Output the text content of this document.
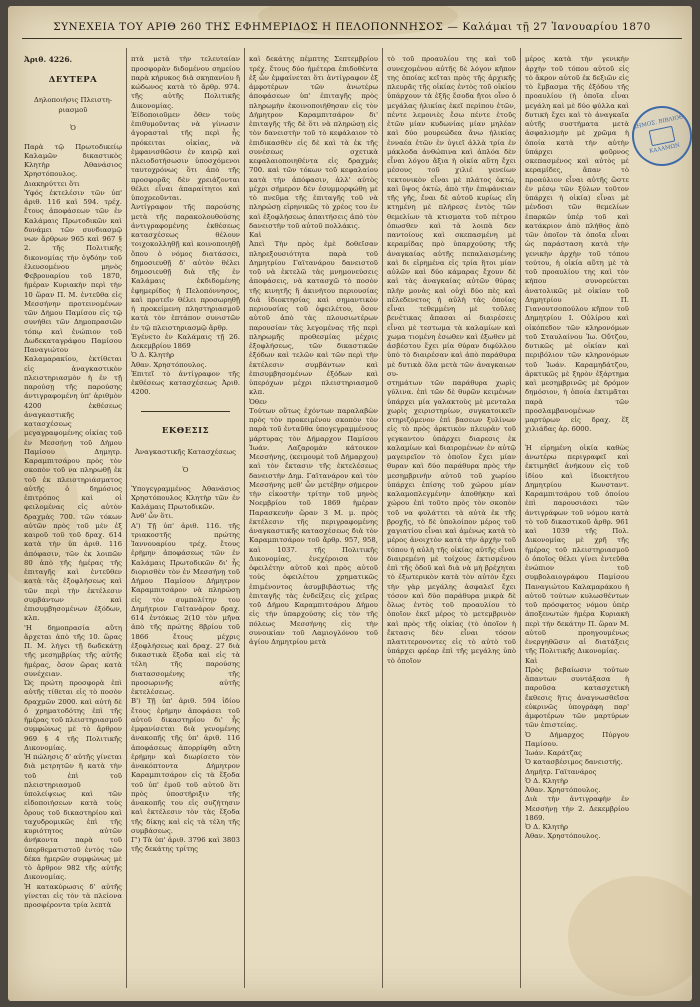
ΣΥΝΕΧΕΙΑ ΤΟΥ ΑΡΙΘ 260 ΤΗΣ ΕΦΗΜΕΡΙΔΟΣ Η ΠΕΛΟΠΟΝΝΗΣΟΣ — Καλάμαι τῇ 27 Ἰανουαρίου 1870

Ἀριθ. 4226.

ΔΕΥΤΕΡΑ

Δηλοποιήσις Πλειστη-
ριασμοῦ

Ὁ

Παρὰ τῷ Πρωτοδικείῳ Καλαμῶν δικαστικὸς Κλητὴρ Ἀθανάσιος Χρηστόπουλος.
Διακηρύττει ὅτι
Ὑφός ἐκτελέσιν τῶν ὑπ' ἀριθ. 116 καὶ 594. τρέχ. ἔτους ἀποφάσεων τῶν ἐν Καλάμαις Πρωτοδικῶν καὶ δυνάμει τῶν συνδιασμῷ νων ἄρθρων 965 καὶ 967 § 2. τῆς Πολιτικῆς δικονομίας τὴν ὀγδόην τοῦ ἐλευσομένου μηνὸς Φεβρουαρίου τοῦ 1870, ἡμέραν Κυριακὴν περὶ τὴν 10 ὥραν Π. Μ. ἐντεῦθα εἰς Μεσσήνην προτεινομένων τῶν Δήμου Παμίσου εἰς τῷ συνήθει τῶν Δημοπρασιῶν τόπῳ καὶ ἐνώπιον τοῦ Δωδεκαταγράφου Παμίσου Παναγιώτου Καλαμαρακίου, ἐκτίθεται εἰς ἀναγκαστικὸν πλειστηριασμὸν ἡ ἐν τῇ παρούσῃ τῆς παρούσης ἀντιγραφομένη ὑπ' ἀριθμὸν 4200 ἐκθέσεως ἀναγκαστικῆς κατασχέσεως μεγαγραφομένης οἰκίας τοῦ ἐν Μεσσήνῃ τοῦ Δήμου Παμίσου Δημητρ. Καραμπιτσάρου πρὸς τὸν σκοπὸν τοῦ να πληρωθῇ ἐκ τοῦ ἐκ πλειστηριάσματος αὐτῆς ὁ δημόσιος ἐπιτρόπος καὶ οἱ φειλομένας εἰς αὐτὸν δραχμὰς 700. τῶν τόκων αὐτῶν πρὸς τοῦ μὲν ἐξ καιροῦ τοῦ τοῦ δραχ. 614 κατὰ τὴν ὑπ ἀριθ. 116 ἀπόφασιν, τῶν ἐκ λοιπῶν 80 ἀπὸ τῆς ἡμέρας τῆς ἐπιταγῆς καὶ ἐντεῦθεν κατὰ τὰς ἐξοφλήσεως καὶ τῶν περὶ τὴν ἐκτέλεσιν συμβάντων καὶ ἐπισυμβησομένων ἐξόδων, κλπ.
'Η δημοπρασία αὕτη ἄρχεται ἀπὸ τῆς 10. ὥρας Π. Μ. λήγει τῇ δωδεκάτῃ τῆς μεσημβρίας τῆς αὐτῆς ἡμέρας, ὅσον ὥρας κατὰ συνέχειαν.
Ὡς πρώτη προσφορὰ ἐπὶ αὐτῆς τίθεται εἰς τὸ ποσὸν δραχμῶν 2000. καὶ αὐτὴ δὲ ὁ χρηματοδότης ἐπὶ τῆς ἡμέρας τοῦ πλειστηριασμοῦ συμφώνως μὲ τὸ ἄρθρον 969 § 4 τῆς Πολιτικῆς Δικονομίας.
Ἡ πώλησις δ' αὐτῆς γίνεται διὰ μετρητῶν ἢ κατὰ τὴν τοῦ ἐπὶ τοῦ πλειστηριασμοῦ ὑπολείψεως καὶ τῶν εἰδοποιήσεων κατὰ τοὺς ὅρους τοῦ δικαστηρίου καὶ ταχυδρομικῶς ἐπὶ τῆς κυριότητος αὐτῶν ἀνήκοντα παρὰ τοῦ ὑπερθεματιστοῦ ἐντὸς τῶν δέκα ἡμερῶν συμφώνως μὲ τὸ ἄρθρον 982 τῆς αὐτῆς Δικονομίας.
Ἡ κατακύρωσις δ' αὐτῆς γίνεται εἰς τὸν τὰ πλείονα προσφέροντα τρία λεπτὰ

πτὰ μετὰ τὴν τελευταίαν προσφορὰν διδομένου σημείου παρὰ κήρυκος διὰ σκηπανίου ἢ κώδωνος κατὰ τὸ ἄρθρ. 974. τῆς αὐτῆς Πολιτικῆς Δικονομίας.
Ἐίδοποιοῦμεν ὅθεν τοὺς ἐπιθυμοῦντας νὰ γίνωσιν ἀγορασταὶ τῆς περὶ ἧς πρόκειται οἰκίας, νὰ ἐμφανισθῶσιν ἐν καιρῷ καὶ πλειοδοτήσωσιν ὑποσχόμενοι ταυτοχρόνως ὅτι ἀπὸ τῆς προσφορᾶς δὲν χρειάζονται θέλει εἶναι ἀπαραίτητοι καὶ ὑποχρεοῦνται.
Ἀντίγραφον τῆς παρούσης μετὰ τῆς παρακολουθούσης ἀντιγραφομένης ἐκθέσεως κατασχέσεως θέλουν τοιχοκολληθῇ καὶ κοινοποιηθῇ ὅπου ὁ νόμος διατάσσει, δημοσιευθῇ δ' αὐτὸν θέλει δημοσιευθῇ διὰ τῆς ἐν Καλάμαις ἐκδιδομένης ἐφημερίδος ἡ Πελοπόννησος, καὶ προτεῖν θέλει προσωρηθῇ ἡ προκείμενη πληστηριασμοῦ κατὰ τὸν ἑπτάπον συνιστῶν ἐν τῷ πλειστηριασμῷ ἄρθρ.
Ἐγένετο ἐν Καλάμαις τῇ 26. Δεκεμβρίου 1869
Ὁ Δ. Κλητὴρ
Ἀθαν. Χρηστόπουλος.
Ἐπιτεῖ τὸ ἀντίγραφον τῆς ἐκθέσεως κατασχέσεως Ἀριθ. 4200.

ΕΚΘΕΣΙΣ

Ἀναγκαστικῆς Κατασχέσεως

Ὁ

Ὑπογεγραμμένος Ἀθανάσιος Χρηστόπουλος Κλητὴρ τῶν ἐν Καλάμαις Πρωτοδικῶν.
Ἀνθ' ὧν ὅτι.
Α') Τῇ ὑπ' ἀριθ. 116. τῆς τριακοστῆς πρώτης Ἰαννουαρίου τρέχ. ἔτους ἐρήμην ἀποφάσεως τῶν ἐν Καλάμαις Πρωτοδικῶν δι' ἧς διορισθὲν τὸν ἐν Μεσσήνῃ τοῦ Δήμου Παμίσου Δήμητρον Καραμπιτσάρον νὰ πληρώσῃ εἰς τὸν συμπολίτην του Δημήτριον Γαϊτανάρον δραχ. 614 ἐντόκως 2(10 τὸν μῆνα ἀπὸ τῆς πρώτης 8βρίου τοῦ 1866 ἔτους μέχρις ἐξοφλήσεως καὶ δραχ. 27 διὰ δικαστικὰ ἔξοδα καὶ εἰς τὰ τέλη τῆς παρούσης διατασσομένης τῆς προσωρινῆς αὐτῆς ἐκτελέσεως.
Β') Τῇ ὑπ' ἀριθ. 594 ἰδίου ἔτους ἐρήμην ἀποφάσει τοῦ αὐτοῦ δικαστηρίου δι' ἧς ἐμφανίσεται διὰ γενομένης ἀνακοπῆς τῆς ὑπ' ἀριθ. 116 ἀποφάσεως ἀπορρίφθη αὕτη ἐρήμην καὶ διωρίσετο τὸν ἀνακόπτοντα Δήμητρον Καραμπιτσάρον εἰς τὰ ἔξοδα τοῦ ὑπ' ἐμοῦ τοῦ αὐτοῦ ὅτι πρὸς ὑποστήριξιν τῆς ἀνακοπῆς του εἰς συζήτησιν καὶ ἐκτέλεσιν τὸν τὰς ἔξοδα τῆς δίκης καὶ εἰς τὰ τέλη τῆς συμβάσεως.
Γ') Τὰ ὑπ' ἀριθ. 3796 καὶ 3803 τῆς δεκάτης τρίτης

καὶ δεκάτης πέμπτης Σεπτεμβρίου τρέχ. ἔτους δύο ἡμέτερα ἐπιδοθέντα ἐξ ὧν ἐμφαίνεται ὅτι ἀντίγραφον ἐξ ἀμφοτέρων τῶν ἀνωτέρω ἀποφάσεων ὑπ' ἐπιταγῆς πρὸς πληρωμὴν ἐκοινοποιήθησαν εἰς τὸν Δήμητρον Καραμπιτσάρον δι' ἐπιταγῆς τῆς δὲ ὅτι νὰ πληρώσῃ εἰς τὸν δανειστὴν τοῦ τὸ κεφάλαιον τὸ ἐπιδικασθὲν εἰς δὲ καὶ τὰ ἐκ τῆς συνέσεως σχετικὰ κεφαλαιοποιηθέντα εἰς δραχμὰς 700. καὶ τῶν τόκων τοῦ κεφαλαίου κατὰ τὴν ἀπόφασιν, ἀλλ' αὐτὸς μέχρι σήμερον δὲν ἐσυμμορφώθη μὲ τὸ πνεῦμα τῆς ἐπιταγῆς τοῦ νὰ πληρώσῃ εἰρηνικῶς τὸ χρέος του ἐν καὶ ἐξοφλήσεως ἀπαιτήσεις ἀπὸ τὸν δανειστὴν τοῦ αὐτοῦ πολλάκις.
Καὶ
Ἀπεὶ Τὴν πρὸς ἐμὲ δοθεῖσαν πληρεξουσιότητα παρὰ τοῦ Δημητρίου Γαϊτανάρου δανειστοῦ τοῦ νὰ ἐκτελῶ τὰς μνημονεύσεις ἀποφάσεις, νὰ κατασχῶ τὸ ποσὸν τῆς κινητῆς ἢ ἀκινήτου περιουσίας διὰ ἰδιοκτησίας καὶ σημαντικὸν περιουσίας τοῦ ὀφειλέτου, ὅσον αὐτοῦ ἀπὸ τὰς πλουσιωτέρων παρουσίαν τὰς λεγομένας τῆς περὶ πληρωμῆς προθεσμίας μέχρις ἐξοφλήσεως, τῶν δικαστικῶν ἐξόδων καὶ τελῶν καὶ τῶν περὶ τὴν ἐκτέλεσιν συμβάντων καὶ ἐπισυμβησομένων ἐξόδων καὶ ὑπερόχων μέχρι πλειστηριασμοῦ κλπ.
Ὁθεν
Τούτων οὕτως ἐχόντων παραλαβὼν πρὸς τὸν προκειμένου σκοπὸν τὸν παρὰ τοῦ ἐνταῦθα ὑπογεγραμμένους μάρτυρας τὸν Δήμαρχον Παμίσου Ἰωάν. Λαζαρομάν κάτοικον Μεσσήνης, (κειμουμὲ τοῦ Δήμαρχου) καὶ τὸν ἔκτασιν τῆς ἐκτελέσεως δανειστὴν Δημ. Γαϊτανάρον καὶ τὸν Μεσσήνης μεθ' ὧν μετέβην σήμερον τὴν εἰκοστὴν τρίτην τοῦ μηνὸς Νοεμβρίου τοῦ 1869 ἡμέραν Παρασκευὴν ὥραν 3 Μ. μ. πρὸς ἐκτέλεσιν τῆς περιγραφομένης ἀναγκαστικῆς κατασχέσεως διὰ τὸν Καραμπιτσάρον τοῦ ἄρθρ. 957, 958, καὶ 1037. τῆς Πολιτικῆς Δικονομίας, ἐνεχέροισα τὸν ὀφειλέτην αὐτοῦ καὶ πρὸς αὐτοῦ τοὺς ὀφειλέτου χρηματικῶς ἐπιμένοντος ἀσυμβιβάστως τῆς ἐπιταγῆς τὰς ἐνδείξεις εἰς χεῖρας τοῦ Δήμου Καραμπιτσάρου Δήμου εἰς τὴν ὑπαρχούσης εἰς τὸν τῆς πόλεως Μεσσήνης εἰς τὴν συνοικίαν τοῦ Λαμιογλόνου τοῦ ἁγίου Δημητρίου μετὰ

τὸ τοῦ προαυλίου της καὶ τοῦ συνεχομένου αὐτῆς δὲ λόγον κῆπον της ὁποίας κεῖται πρὸς τῆς ἀρχικῆς πλευρᾶς τῆς οἰκίας ἐντὸς τοῦ οἰκίου ὑπάρχουν τὰ ἐξῆς ἔσοδα ἤτοι οἶνο ὁ μεγάλας ἡλικίας ἐκεῖ περίπου ἐτῶν, πέντε λεμονιὲς ἔσω πέντε ἐτοῦς ἐτῶν μίαν κυδωνίας μίαν μηλέαν καὶ δύο μουρεώδεα ἄνω ἡλικίας ἐνναέα ἐτῶν ἐν ὑγιεῖ ἀλλὰ τρία ἐν μάκλοδα ἀνθώπινα καὶ ἀπλόα δὲν εἶναι λόγου ἄξια ἡ οἰκία αὕτη ἔχει μέσους τοῦ χιλιέ γενείων τεκτονικὸν εἶναι μὲ πλάτος ὀκτὼ, καὶ ὕψος ὀκτὼ, ἀπὸ τὴν ἐπιφάνειαν τῆς γῆς, ἔναι δὲ αὐτοῦ κυρίως εἴη κτημένη μὲ πλήρεσς ἐντὸς τῶν θεμελίων τὰ κτισματα τοῦ πέτρου ὀπωσθεν καὶ τὰ λοιπὰ δεν παντοίους καὶ σκεπασμένη μὲ κεραμίδας πρὸ ὑπαρχούσης τῆς ἀναγκαίας αὐτῆς πεπαλαισμένης καὶ δι εἰρημένα εἰς τρία ἥτοι μίαν αὐλῶν καὶ δύο κάμαρας ἔχουν δὲ καὶ τὰς ἀναγκαίας αὐτῶν θύρας πλὴν μονὰς καὶ οὐχὶ δύο πὲς καὶ πέλεδενετος ἡ αὐλὴ τὰς ὁποίας εἶναι τεθεμμένη μὲ τοῦλες βενέτικας ἅπασαι αἱ διαιρέσεις εἶναι μὲ τεστωμα τὰ καλαμίων καὶ χωμα τιομένη ἐσωθεν καὶ ἐξωθεν μὲ ἀσβέστου ἔχει μία θύραν διφύλλου ὑπὸ τὸ διαιρέσαν καὶ ἀπὸ παράθυρα μὲ δυτικὰ ὅλα μετὰ τῶν ἀναγκαιων συ-
στημάτων τῶν παράθυρα χωρὶς γύλινα. ἐπὶ τῶν δὲ θυρῶν κειμένων ὑπάρχει μία γαλακτοὺς μὲ μενταλα χωρὶς χειριστηρίων, συγκατοικεῖν στηριζόμενον ἐπὶ βασεων ξυλίνων εἰς τὸ πρὸς ἀρκτικὸν πλευρὰν τοῦ γεγκαντου ὑπάρχει διαρεσις ἐκ καλαμίων καὶ διαιρομένων ἐν αὐτῷ μαγειρεῖον τὸ ὁποῖον ἔχει μίαν θυραν καὶ δύο παράθυρα πρὸς τὴν μεσημβρινὴν αὐτοῦ τοῦ χωρίου ὑπάρχει ἐπίσης τοῦ χώρου μίαν καλαμοπλεγμένην ἀποθήκην καὶ χώρου ἐπὶ τοῦτο πρὸς τὸν σκοπὸν τοῦ να φυλάττει τὰ αὐτὰ ἐκ τῆς βροχῆς, τὸ δὲ ὑπολοίπον μέρος τοῦ χαγιατίου εἶναι καὶ ἀμένως κατὰ τὸ μέρος ἀνοιχτὸν κατὰ τὴν ἀρχὴν τοῦ τόπου ἡ αὐλὴ τῆς οἰκίας αὐτῆς εἶναι διαιρεμένη μὲ τοίχους ἐκτισμένου ἐπὶ τῆς ὁδοῦ καὶ διὰ νὰ μὴ βρέχηται τὸ ἐξωτερικὸν κατὰ τὸν αὐτὸν ἔχει τὴν γὰρ μεγάλης ἀσφαλεῖ ἔχει τόσον καὶ δύο παράθυρα μικρὰ δὲ ὅλως ἐντὸς τοῦ προαυλίου τὸ ὁποῖον ἐκεῖ μέρος τὸ μετεμβρινὸν καὶ πρὸς τῆς οἰκίας (τὸ ὁποῖον ἡ ἔκτασις δὲν εἶναι τόσον πλατιτερονοντες εἰς τὸ αὐτὸ τοῦ ὑπάρχει φρέαρ ἐπὶ τῆς μεγάλης ὑπὸ τὸ ὁποῖον

μέρος κατὰ τὴν γενικὴν ἀρχὴν τοῦ τόπου αὐτοῦ εἰς τὸ ἄκρον αὐτοῦ ἐκ δεξιῶν εἰς τὸ ἔμβασμα τῆς ἐξόδου τῆς προαυλίου (ἡ ὁποῖα εἶναι μεγάλη καὶ μὲ δύο φύλλα καὶ δυτικὴ ἔχει καὶ τὸ ἀναγκαῖα αὐτῆς συστήματα μετὰ ἀσφαλισμὴν μὲ χρῶμα ἡ ὁποία κατὰ τὴν αὐτὴν ὑπάρχει φοῦρνος σκεπασμένος καὶ αὐτὸς μὲ κεραμίδες, ἅπαν τὸ προαύλιον εἶναι αὐτῆς ὥστε ἐν μέσῳ τῶν ξύλων τοῦτον ὑπάρχει ἡ οἰκία) εἶναι μὲ μένδοσι τῶν θεμελίων ἐπαρκῶν ὑπέρ τοῦ καὶ κατάκριον ἀπὸ πλήθος ἀπὸ τῶν ὁποῖον τὰ ὁποῖα εἶναι ὡς παράσταση κατὰ τὴν γενικὴν ἀρχὴν τοῦ τόπου τούτου, ἡ οἰκία αὕτη μὲ τὰ τοῦ προαυλίου της καὶ τὸν κήπου συνορεύεται ἀνατολικῶς μὲ οἰκίαν τοῦ Δημητρίου Π. Γιανουτσοπούλου κῆπον τοῦ Δημητρίου Ι. Οὐλίρου καὶ οἰκόπεδον τῶν κληρονόμων τοῦ Σταυλαίνου Ἰω. Οὔτζου, δυτικῶς μὲ οἰκίαν καὶ περιβόλιον τῶν κληρονόμων τοῦ Ἰωάν. Καραμηδάτζου, ἀρκτικῶς μὲ ξηρὸν ἐξάρτημα καὶ μεσημβρινῶς μὲ δρόμον δημόσιον, ἡ ὁποία ἐκτιμᾶται παρὰ τῶν προσλαμβανομένων μαρτύρων εἰς δραχ. ἕξ χιλιάδας ἀρ. 6000.

Ἡ εἰρημένη οἰκία καθὼς ἀνωτέρω περιγραφεῖ καὶ ἐκτιμηθεῖ ἀνήκουν εἰς τοῦ ἰδίου καὶ ἰδιοκτήτου Δημητρίου Κωνσταντ. Καραμπιτσάρου τοῦ ὁποίου ἐπὶ παρουσιάσει τῶν ἀντιγράφων τοῦ νόμου κατὰ τὸ τοῦ δικαστικοῦ ἄρθρ. 961 καὶ 1039 τῆς Πολ. Δικονομίας μὲ χρῆ τῆς ἡμέρας τοῦ πλειστηριασμοῦ ὁ ὁποῖος θέλει γίνει ἐντεῦθα ἐνώπιον τοῦ συμβολαιογράφου Παμίσου Παναγιώτου Καλαμαράκου ἡ αὐτοῦ τούτων κυλωσθέντων τοῦ πρόσφατος νόμου ὑπὲρ ἀποξενωτών ἡμέρα Κυριακὴ περὶ τὴν δεκάτην Π. ὥραν Μ. αὐτοῦ προηγουμένως ἐνεργηθῶσιν αἱ διατάξεις τῆς Πολιτικῆς Δικονομίας.
Καὶ
Πρὸς βεβαίωσιν τούτων ἅπαντων συντάξασα ἡ παροῦσα κατασχετικὴ ἔκθεσις ἥτις ἀναγνωσθεῖσα εὐκρινῶς ὑπογράφη παρ' ἀμφοτέρων τῶν μαρτύρων τῶν ἐπιστείας.
Ὁ Δήμαρχος Πύργου Παμίσου.
Ἰωάν. Καράτζας
Ὁ κατασβέσιμος δανειστής.
Δημήτρ. Γαϊτανάρος
Ὁ Δ. Κλητὴρ
Ἀθαν. Χρηστόπουλος.
Διὰ τὴν ἀντιγραφὴν ἐν Μεσσήνῃ τὴν 2. Δεκεμβρίου 1869.
Ὁ Δ. Κλητὴρ
Ἀθαν. Χρηστόπουλος.

ΔΗΜΟΣ. ΒΙΒΛΙΟΘ.
ΚΑΛΑΜΩΝ
